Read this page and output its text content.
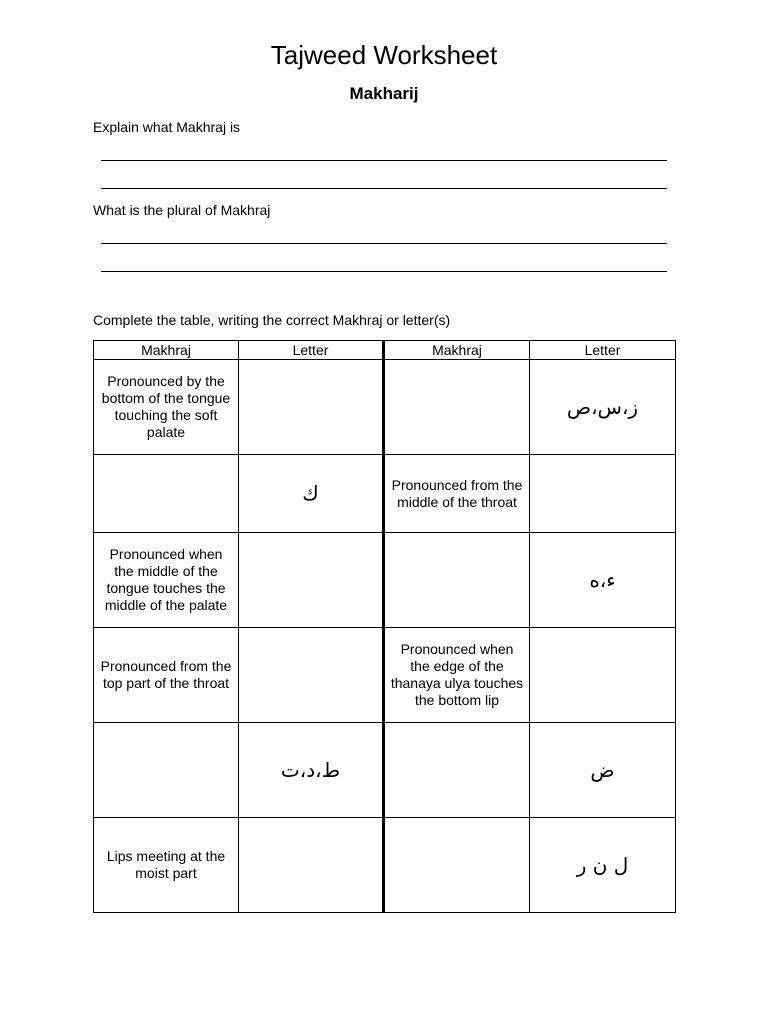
Tajweed Worksheet
Makharij
Explain what Makhraj is
What is the plural of Makhraj
Complete the table, writing the correct Makhraj or letter(s)
Makhraj	Letter	Makhraj	Letter
Pronounced by the bottom of the tongue touching the soft palate			ز،س،ص
	ك	Pronounced from the middle of the throat	
Pronounced when the middle of the tongue touches the middle of the palate			ء،ه
Pronounced from the top part of the throat		Pronounced when the edge of the thanaya ulya touches the bottom lip	
	ط،د،ت		ض
Lips meeting at the moist part			ل ن ر
